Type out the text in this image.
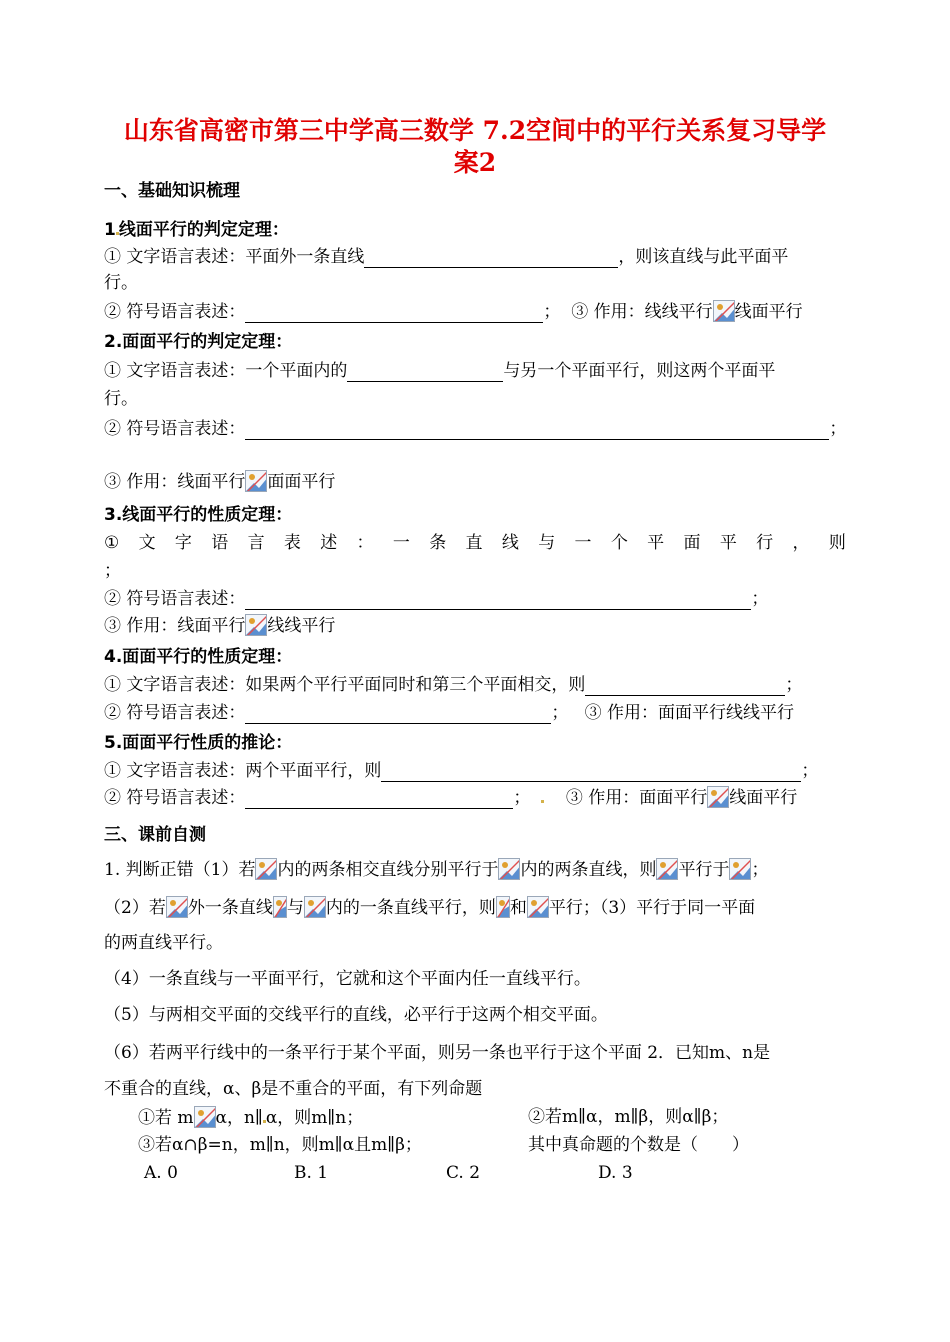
山东省高密市第三中学高三数学 7.2空间中的平行关系复习导学
案2
一、基础知识梳理
1 线面平行的判定定理：
① 文字语言表述：平面外一条直线	，则该直线与此平面平
行。
② 符号语言表述：	； ③ 作用：线线平行 线面平行
2.面面平行的判定定理：
① 文字语言表述：一个平面内的	与另一个平面平行，则这两个平面平
行。
② 符号语言表述：	；
③ 作用：线面平行 面面平行
3.线面平行的性质定理：
① 文 字 语 言 表 述 ： 一 条 直 线 与 一 个 平 面 平 行 ， 则
；
② 符号语言表述：	；
③ 作用：线面平行 线线平行
4.面面平行的性质定理：
① 文字语言表述：如果两个平行平面同时和第三个平面相交，则	；
② 符号语言表述：	； ③ 作用：面面平行线线平行
5.面面平行性质的推论：
① 文字语言表述：两个平面平行，则	；
② 符号语言表述：	； ③ 作用：面面平行 线面平行
三、课前自测
1. 判断正错（1）若 内的两条相交直线分别平行于 内的两条直线，则 平行于 ；
（2）若 外一条直线 与 内的一条直线平行，则 和 平行；（3）平行于同一平面
的两直线平行。
（4）一条直线与一平面平行，它就和这个平面内任一直线平行。
（5）与两相交平面的交线平行的直线，必平行于这两个相交平面。
（6）若两平行线中的一条平行于某个平面，则另一条也平行于这个平面 2．已知m、n是
不重合的直线，α、β是不重合的平面，有下列命题
①若 m α，n∥ α，则m∥n；	②若m∥α，m∥β，则α∥β；
③若α∩β=n，m∥n，则m∥α且m∥β；	其中真命题的个数是（　　）
A. 0	B. 1	C. 2	D. 3
